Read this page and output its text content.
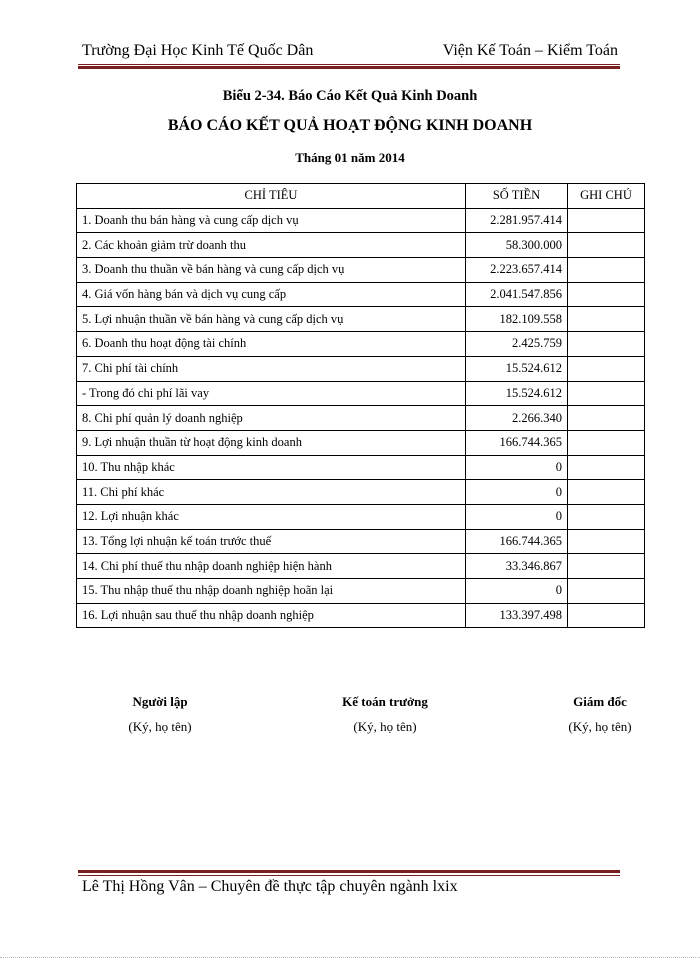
Trường Đại Học Kinh Tế Quốc Dân	Viện Kế Toán – Kiểm Toán
Biểu 2-34. Báo Cáo Kết Quả Kinh Doanh
BÁO CÁO KẾT QUẢ HOẠT ĐỘNG KINH DOANH
Tháng 01 năm 2014
CHỈ TIÊU	SỐ TIỀN	GHI CHÚ
1. Doanh thu bán hàng và cung cấp dịch vụ	2.281.957.414	
2. Các khoản giảm trừ doanh thu	58.300.000	
3. Doanh thu thuần về bán hàng và cung cấp dịch vụ	2.223.657.414	
4. Giá vốn hàng bán và dịch vụ cung cấp	2.041.547.856	
5. Lợi nhuận thuần về bán hàng và cung cấp dịch vụ	182.109.558	
6. Doanh thu hoạt động tài chính	2.425.759	
7. Chi phí tài chính	15.524.612	
- Trong đó chi phí lãi vay	15.524.612	
8. Chi phí quản lý doanh nghiệp	2.266.340	
9. Lợi nhuận thuần từ hoạt động kinh doanh	166.744.365	
10. Thu nhập khác	0	
11. Chi phí khác	0	
12. Lợi nhuận khác	0	
13. Tổng lợi nhuận kế toán trước thuế	166.744.365	
14. Chi phí thuế thu nhập doanh nghiệp hiện hành	33.346.867	
15. Thu nhập thuế thu nhập doanh nghiệp hoãn lại	0	
16. Lợi nhuận sau thuế thu nhập doanh nghiệp	133.397.498	
Người lập
(Ký, họ tên)
Kế toán trưởng
(Ký, họ tên)
Giám đốc
(Ký, họ tên)
Lê Thị Hồng Vân – Chuyên đề thực tập chuyên ngành lxix
